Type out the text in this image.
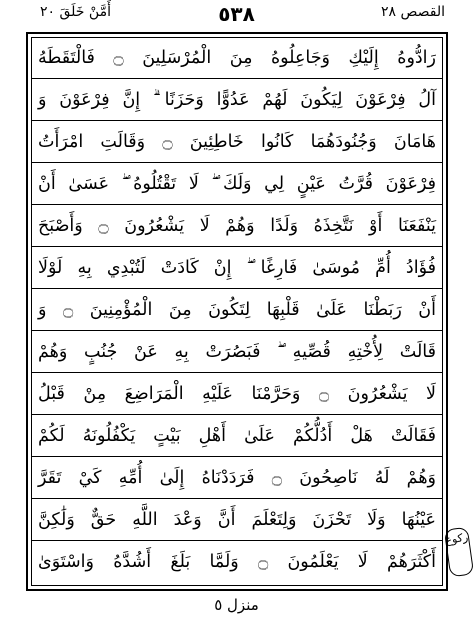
أَمَّنْ خَلَقَ ٢٠	٥٣٨	القصص ٢٨
رَادُّوهُ إِلَيْكِ وَجَاعِلُوهُ مِنَ الْمُرْسَلِينَ ۝ فَالْتَقَطَهُ
آلُ فِرْعَوْنَ لِيَكُونَ لَهُمْ عَدُوًّا وَحَزَنًا ۗ إِنَّ فِرْعَوْنَ وَ
هَامَانَ وَجُنُودَهُمَا كَانُوا خَاطِئِينَ ۝ وَقَالَتِ امْرَأَتُ
فِرْعَوْنَ قُرَّتُ عَيْنٍ لِي وَلَكَ ۖ لَا تَقْتُلُوهُ ۖ عَسَىٰ أَنْ
يَنْفَعَنَا أَوْ نَتَّخِذَهُ وَلَدًا وَهُمْ لَا يَشْعُرُونَ ۝ وَأَصْبَحَ
فُؤَادُ أُمِّ مُوسَىٰ فَارِغًا ۖ إِنْ كَادَتْ لَتُبْدِي بِهِ لَوْلَا
أَنْ رَبَطْنَا عَلَىٰ قَلْبِهَا لِتَكُونَ مِنَ الْمُؤْمِنِينَ ۝ وَ
قَالَتْ لِأُخْتِهِ قُصِّيهِ ۖ فَبَصُرَتْ بِهِ عَنْ جُنُبٍ وَهُمْ
لَا يَشْعُرُونَ ۝ وَحَرَّمْنَا عَلَيْهِ الْمَرَاضِعَ مِنْ قَبْلُ
فَقَالَتْ هَلْ أَدُلُّكُمْ عَلَىٰ أَهْلِ بَيْتٍ يَكْفُلُونَهُ لَكُمْ
وَهُمْ لَهُ نَاصِحُونَ ۝ فَرَدَدْنَاهُ إِلَىٰ أُمِّهِ كَيْ تَقَرَّ
عَيْنُهَا وَلَا تَحْزَنَ وَلِتَعْلَمَ أَنَّ وَعْدَ اللَّهِ حَقٌّ وَلَٰكِنَّ
أَكْثَرَهُمْ لَا يَعْلَمُونَ ۝ وَلَمَّا بَلَغَ أَشُدَّهُ وَاسْتَوَىٰ
ركوع
منزل ٥
